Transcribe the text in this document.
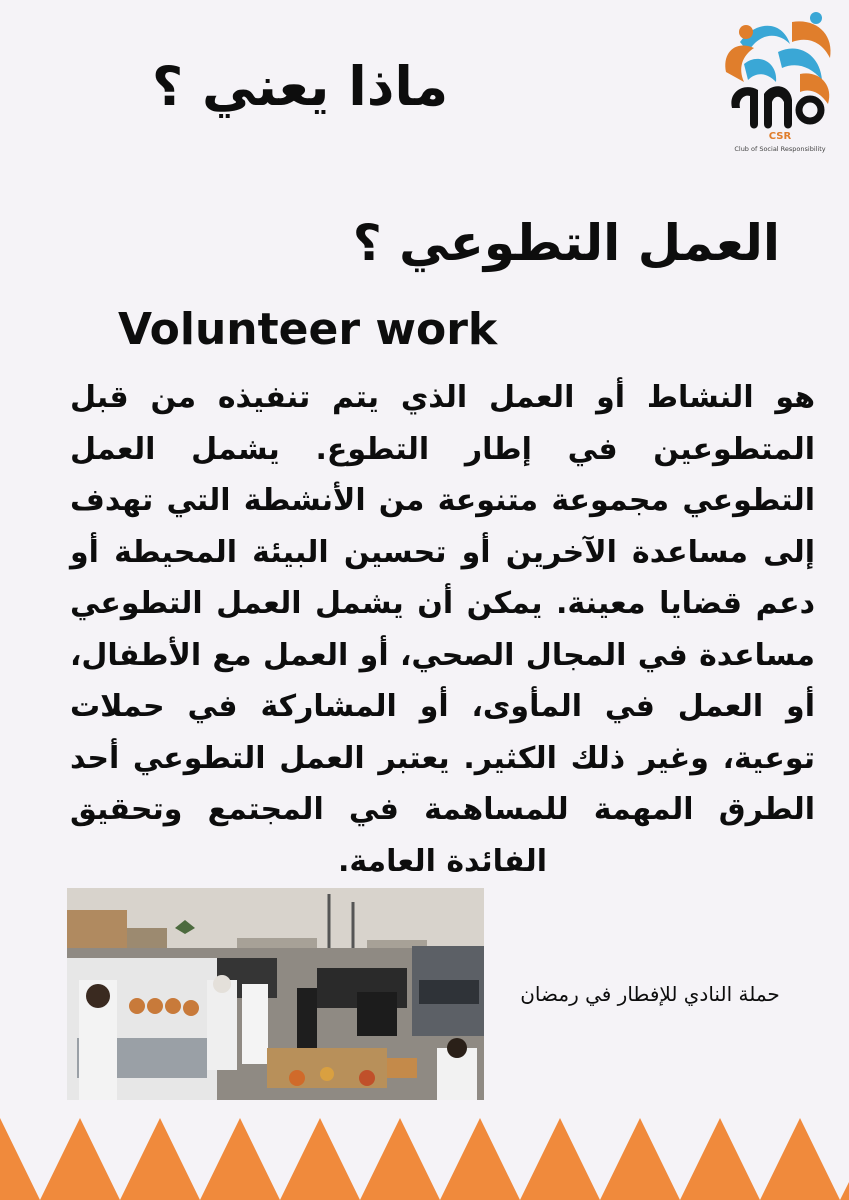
CSR
Club of Social Responsibility
ماذا يعني ؟
العمل التطوعي ؟
Volunteer work
هو النشاط أو العمل الذي يتم تنفيذه من قبل المتطوعين في إطار التطوع. يشمل العمل التطوعي مجموعة متنوعة من الأنشطة التي تهدف إلى مساعدة الآخرين أو تحسين البيئة المحيطة أو دعم قضايا معينة. يمكن أن يشمل العمل التطوعي مساعدة في المجال الصحي، أو العمل مع الأطفال، أو العمل في المأوى، أو المشاركة في حملات توعية، وغير ذلك الكثير. يعتبر العمل التطوعي أحد الطرق المهمة للمساهمة في المجتمع وتحقيق الفائدة العامة.
حملة النادي للإفطار في رمضان
